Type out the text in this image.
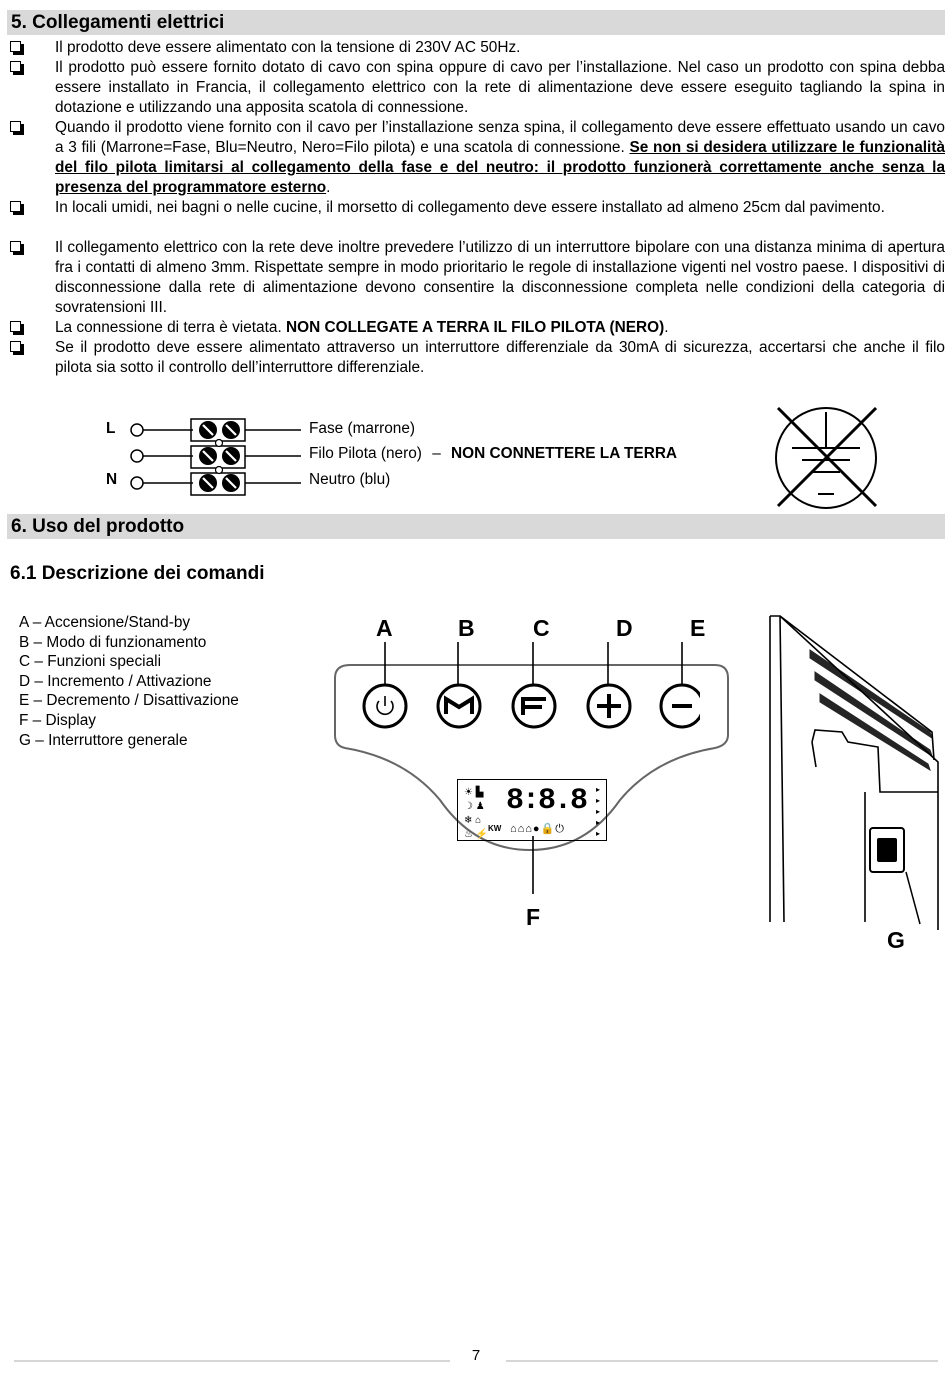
5. Collegamenti elettrici
Il prodotto deve essere alimentato con la tensione di 230V AC 50Hz.
Il prodotto può essere fornito dotato di cavo con spina oppure di cavo per l’installazione. Nel caso un prodotto con spina debba essere installato in Francia, il collegamento elettrico con la rete di alimentazione deve essere eseguito tagliando la spina in dotazione e utilizzando una apposita scatola di connessione.
Quando il prodotto viene fornito con il cavo per l’installazione senza spina, il collegamento deve essere effettuato usando un cavo a 3 fili (Marrone=Fase, Blu=Neutro, Nero=Filo pilota) e una scatola di connessione. Se non si desidera utilizzare le funzionalità del filo pilota limitarsi al collegamento della fase e del neutro: il prodotto funzionerà correttamente anche senza la presenza del programmatore esterno.
In locali umidi, nei bagni o nelle cucine, il morsetto di collegamento deve essere installato ad almeno 25cm dal pavimento.
Il collegamento elettrico con la rete deve inoltre prevedere l’utilizzo di un interruttore bipolare con una distanza minima di apertura fra i contatti di almeno 3mm. Rispettate sempre in modo prioritario le regole di installazione vigenti nel vostro paese. I dispositivi di disconnessione dalla rete di alimentazione devono consentire la disconnessione completa nelle condizioni della categoria di sovratensioni III.
La connessione di terra è vietata. NON COLLEGATE A TERRA IL FILO PILOTA (NERO).
Se il prodotto deve essere alimentato attraverso un interruttore differenziale da 30mA di sicurezza, accertarsi che anche il filo pilota sia sotto il controllo dell’interruttore differenziale.
L
N
Fase (marrone)
Filo Pilota (nero) – NON CONNETTERE LA TERRA
Neutro (blu)
6. Uso del prodotto
6.1 Descrizione dei comandi
A – Accensione/Stand-by
B – Modo di funzionamento
C – Funzioni speciali
D – Incremento / Attivazione
E – Decremento / Disattivazione
F – Display
G – Interruttore generale
A	B	C	D E
F
G
☀ ▙
☽ ♟
❄ ⌂
♨ ⚡
8:8.8
KW ⌂⌂⌂●🔒⏻
▸
▸
▸
▸
▸
7
